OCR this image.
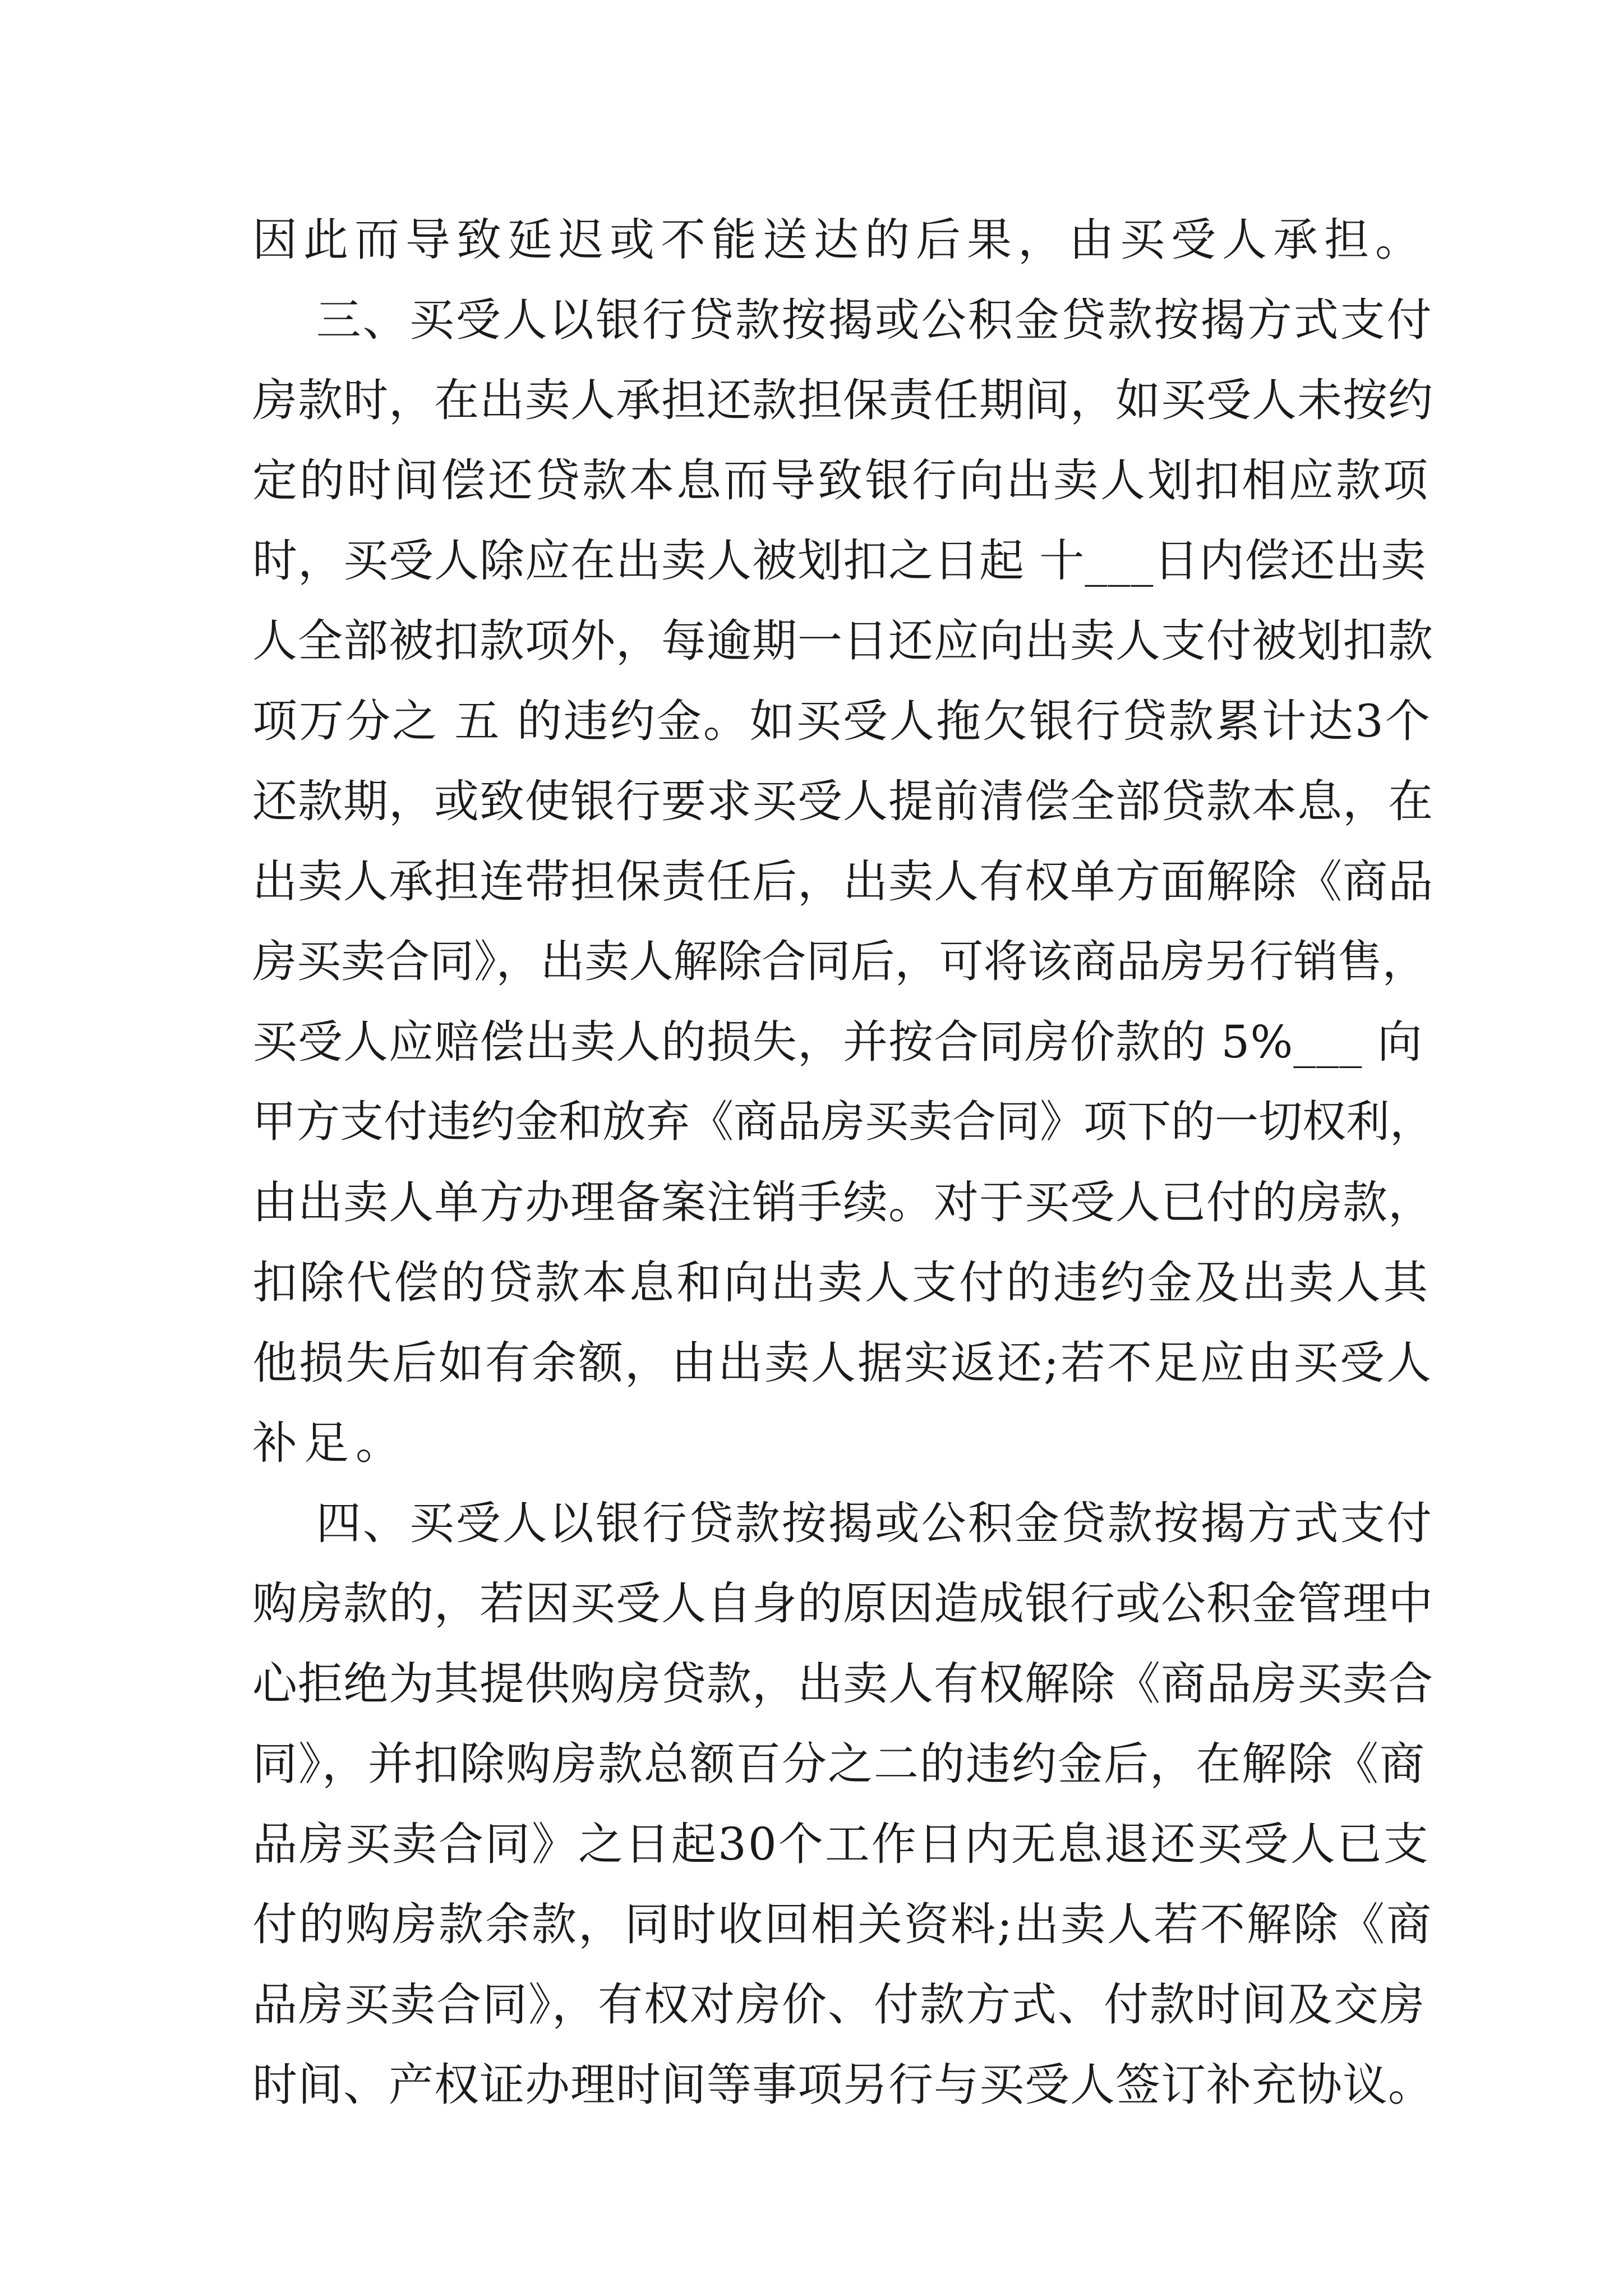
因此而导致延迟或不能送达的后果，由买受人承担。
三、买受人以银行贷款按揭或公积金贷款按揭方式支付
房款时，在出卖人承担还款担保责任期间，如买受人未按约
定的时间偿还贷款本息而导致银行向出卖人划扣相应款项
时，买受人除应在出卖人被划扣之日起 十___日内偿还出卖
人全部被扣款项外，每逾期一日还应向出卖人支付被划扣款
项万分之 五 的违约金。如买受人拖欠银行贷款累计达3个
还款期，或致使银行要求买受人提前清偿全部贷款本息，在
出卖人承担连带担保责任后，出卖人有权单方面解除《商品
房买卖合同》，出卖人解除合同后，可将该商品房另行销售，
买受人应赔偿出卖人的损失，并按合同房价款的 5%___ 向
甲方支付违约金和放弃《商品房买卖合同》项下的一切权利，
由出卖人单方办理备案注销手续。对于买受人已付的房款，
扣除代偿的贷款本息和向出卖人支付的违约金及出卖人其
他损失后如有余额，由出卖人据实返还;若不足应由买受人
补足。
四、买受人以银行贷款按揭或公积金贷款按揭方式支付
购房款的，若因买受人自身的原因造成银行或公积金管理中
心拒绝为其提供购房贷款，出卖人有权解除《商品房买卖合
同》，并扣除购房款总额百分之二的违约金后，在解除《商
品房买卖合同》之日起30个工作日内无息退还买受人已支
付的购房款余款，同时收回相关资料;出卖人若不解除《商
品房买卖合同》，有权对房价、付款方式、付款时间及交房
时间、产权证办理时间等事项另行与买受人签订补充协议。
